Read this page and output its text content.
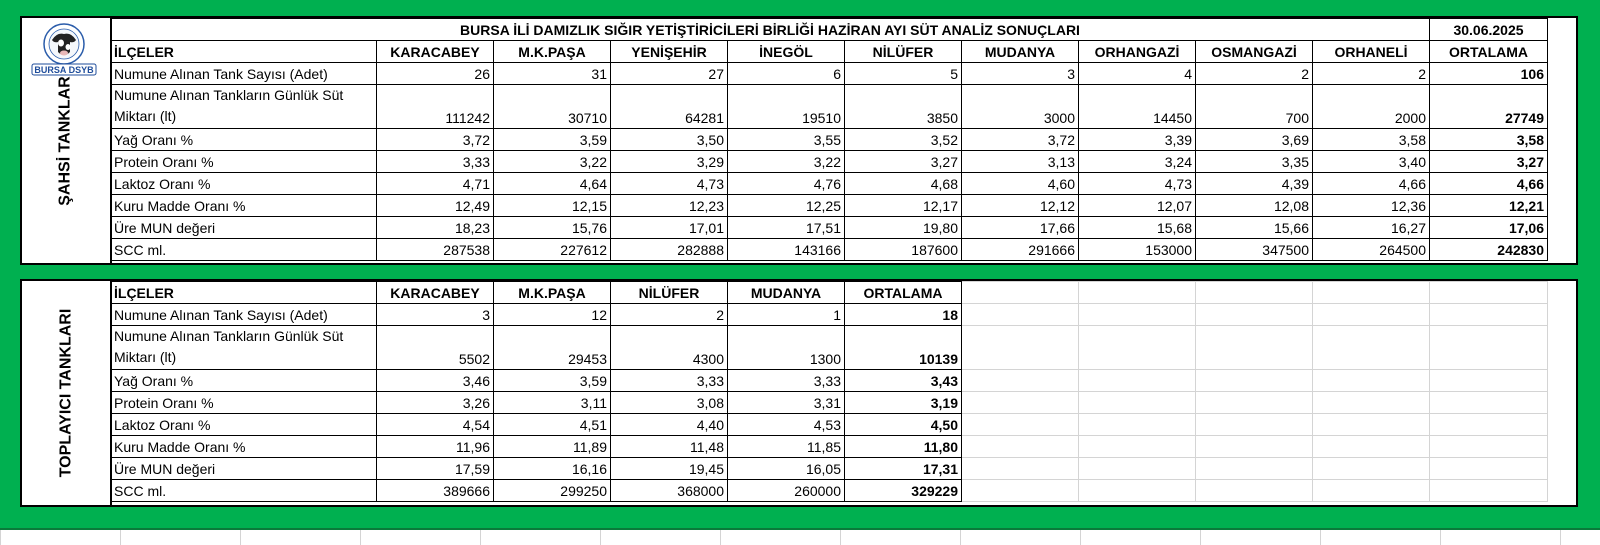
ŞAHSİ TANKLAR
BURSA DSYB
BURSA İLİ DAMIZLIK SIĞIR YETİŞTİRİCİLERİ BİRLİĞİ HAZİRAN AYI SÜT ANALİZ SONUÇLARI										30.06.2025
İLÇELER	KARACABEY	M.K.PAŞA	YENİŞEHİR	İNEGÖL	NİLÜFER	MUDANYA	ORHANGAZİ	OSMANGAZİ	ORHANELİ	ORTALAMA
Numune Alınan Tank Sayısı (Adet)	26	31	27	6	5	3	4	2	2	106
Numune Alınan Tankların Günlük Süt Miktarı (lt)	111242	30710	64281	19510	3850	3000	14450	700	2000	27749
Yağ Oranı %	3,72	3,59	3,50	3,55	3,52	3,72	3,39	3,69	3,58	3,58
Protein Oranı %	3,33	3,22	3,29	3,22	3,27	3,13	3,24	3,35	3,40	3,27
Laktoz Oranı %	4,71	4,64	4,73	4,76	4,68	4,60	4,73	4,39	4,66	4,66
Kuru Madde Oranı %	12,49	12,15	12,23	12,25	12,17	12,12	12,07	12,08	12,36	12,21
Üre MUN değeri	18,23	15,76	17,01	17,51	19,80	17,66	15,68	15,66	16,27	17,06
SCC ml.	287538	227612	282888	143166	187600	291666	153000	347500	264500	242830
TOPLAYICI TANKLARI
İLÇELER	KARACABEY	M.K.PAŞA	NİLÜFER	MUDANYA	ORTALAMA					
Numune Alınan Tank Sayısı (Adet)	3	12	2	1	18					
Numune Alınan Tankların Günlük Süt Miktarı (lt)	5502	29453	4300	1300	10139					
Yağ Oranı %	3,46	3,59	3,33	3,33	3,43					
Protein Oranı %	3,26	3,11	3,08	3,31	3,19					
Laktoz Oranı %	4,54	4,51	4,40	4,53	4,50					
Kuru Madde Oranı %	11,96	11,89	11,48	11,85	11,80					
Üre MUN değeri	17,59	16,16	19,45	16,05	17,31					
SCC ml.	389666	299250	368000	260000	329229					
